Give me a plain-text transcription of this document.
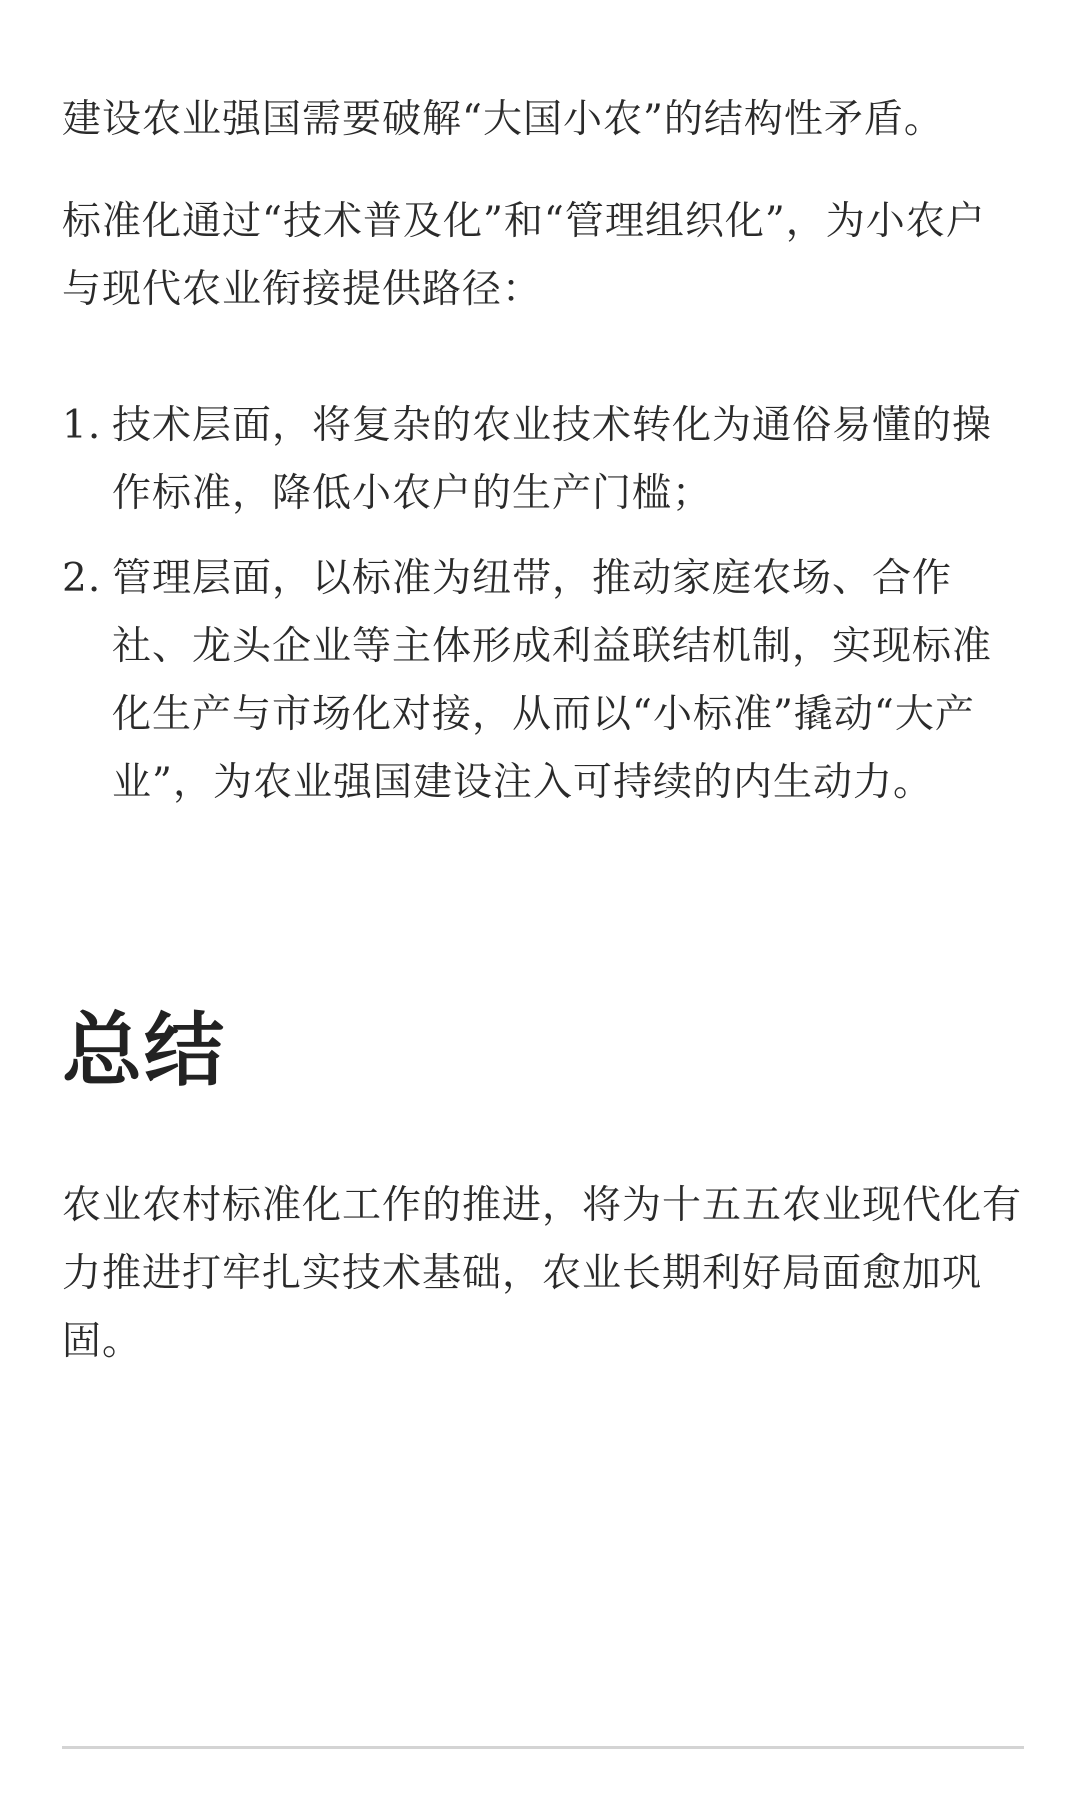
建设农业强国需要破解“大国小农”的结构性矛盾。

标准化通过“技术普及化”和“管理组织化”，为小农户与现代农业衔接提供路径：

1. 技术层面，将复杂的农业技术转化为通俗易懂的操作标准，降低小农户的生产门槛；
2. 管理层面，以标准为纽带，推动家庭农场、合作社、龙头企业等主体形成利益联结机制，实现标准化生产与市场化对接，从而以“小标准”撬动“大产业”，为农业强国建设注入可持续的内生动力。
总结

农业农村标准化工作的推进，将为十五五农业现代化有力推进打牢扎实技术基础，农业长期利好局面愈加巩固。
